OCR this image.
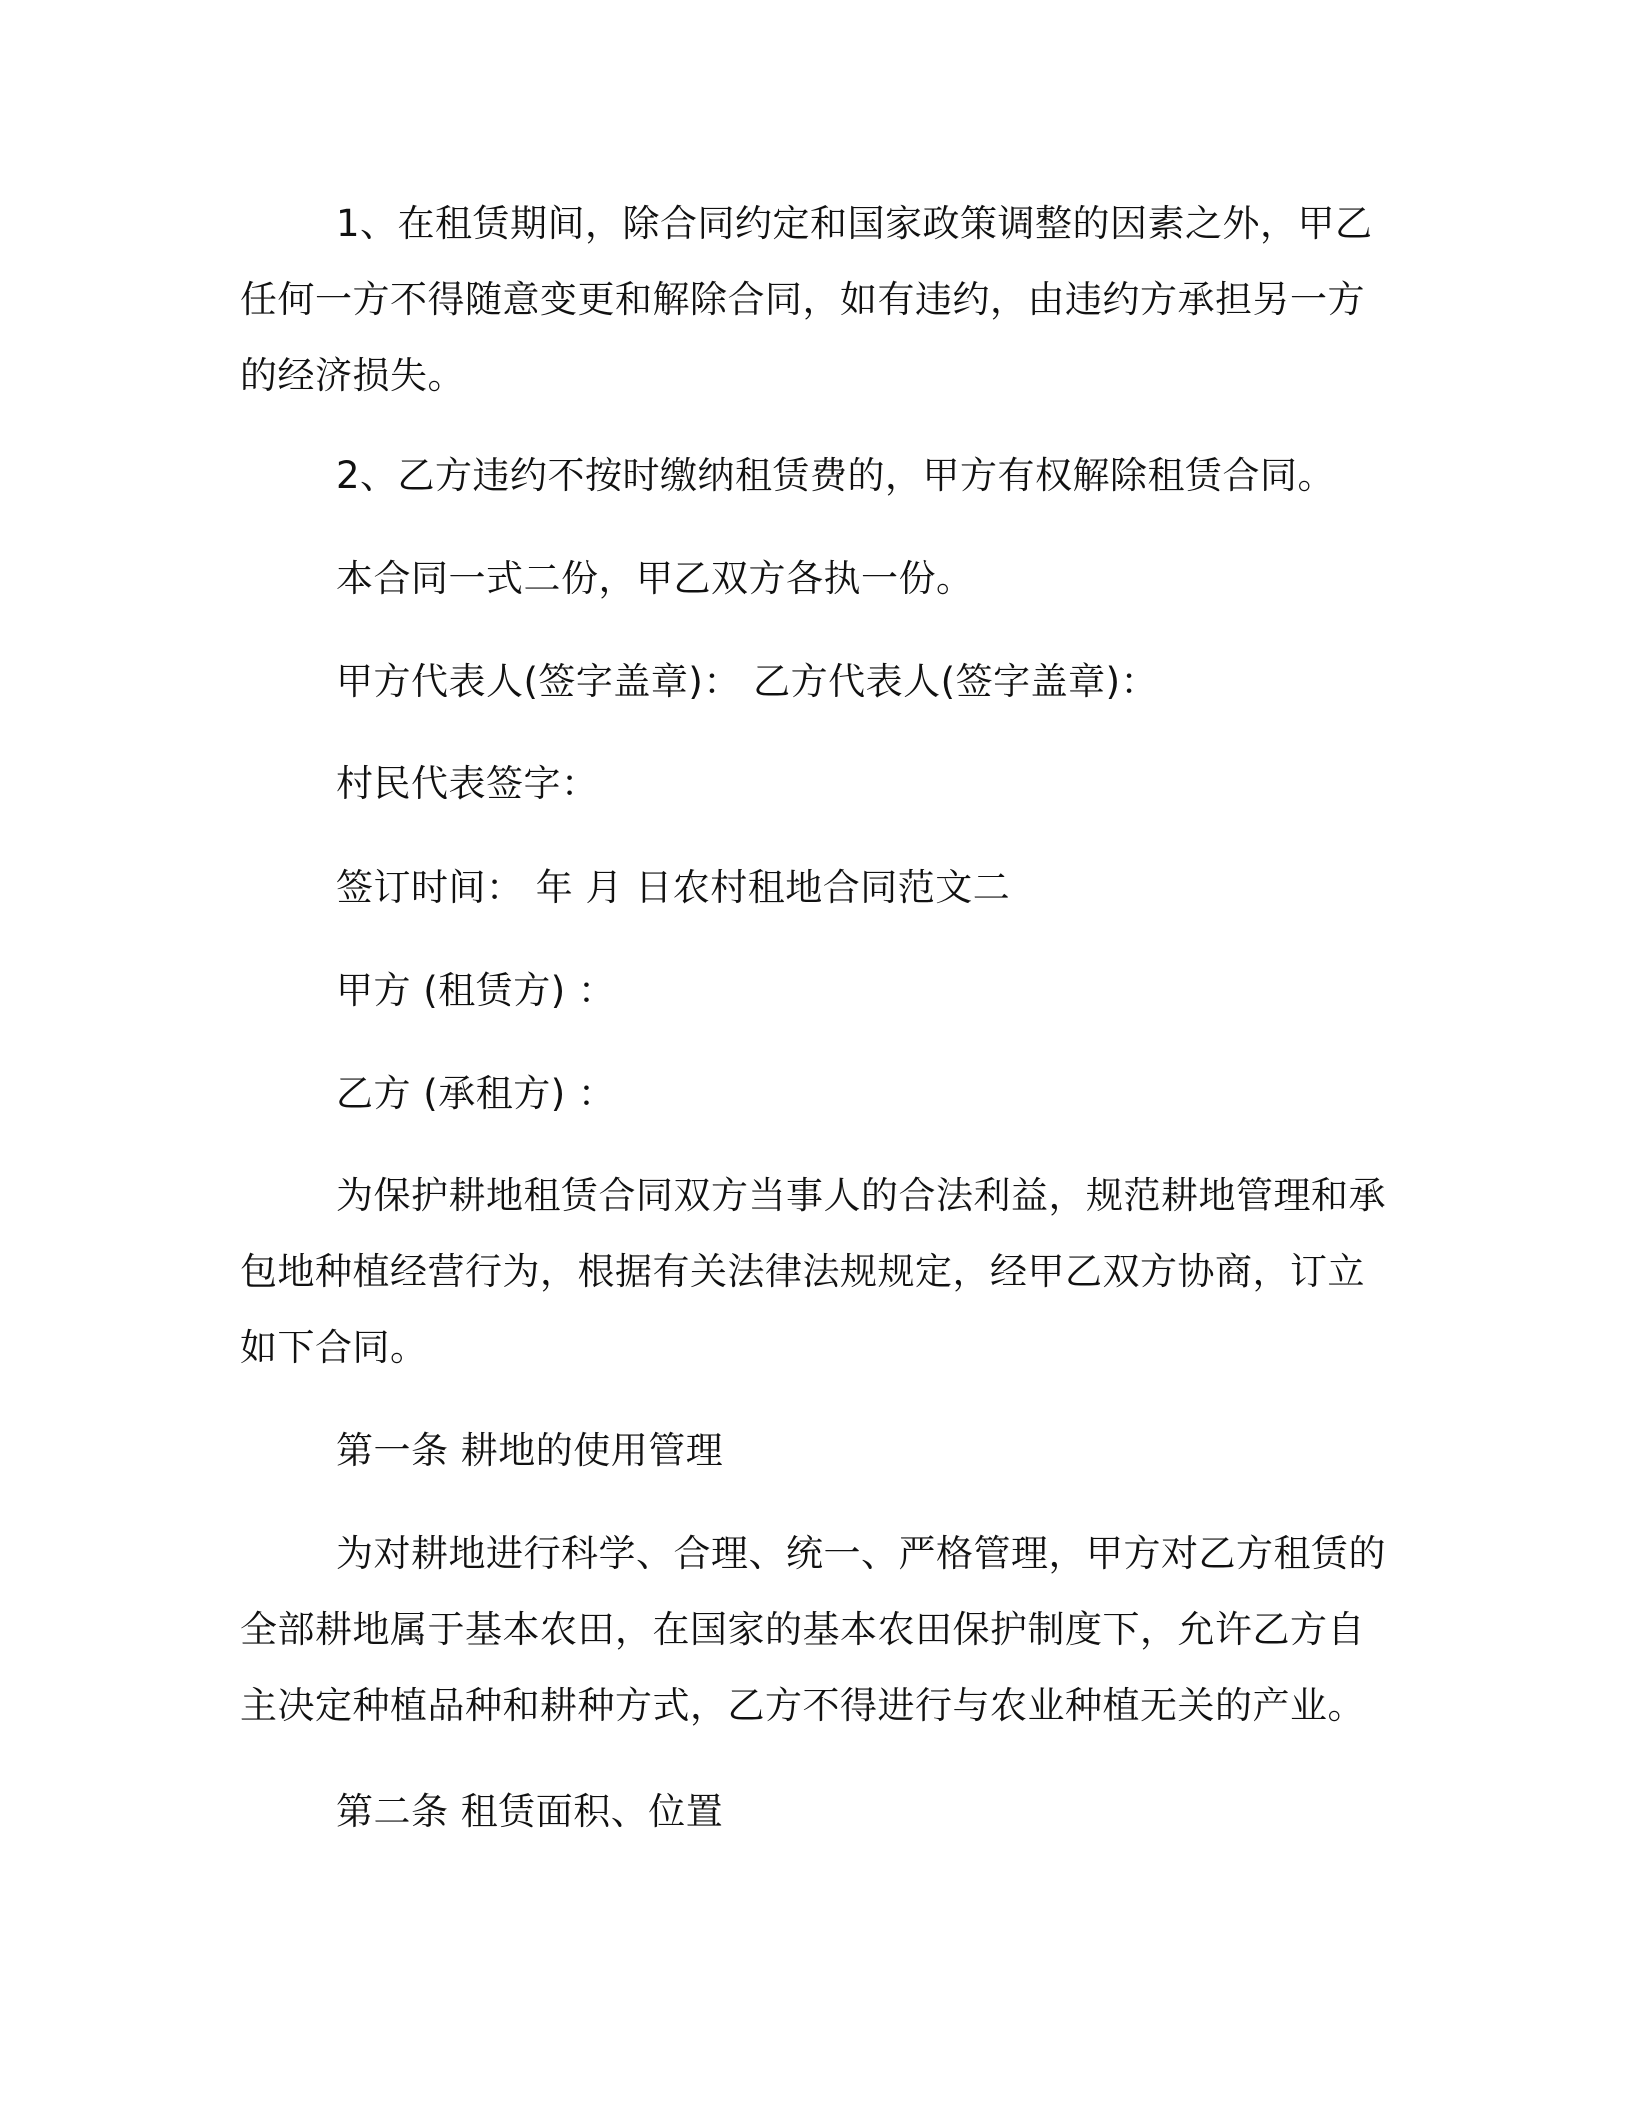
1、在租赁期间，除合同约定和国家政策调整的因素之外，甲乙任何一方不得随意变更和解除合同，如有违约，由违约方承担另一方的经济损失。

2、乙方违约不按时缴纳租赁费的，甲方有权解除租赁合同。

本合同一式二份，甲乙双方各执一份。

甲方代表人(签字盖章)： 乙方代表人(签字盖章)：

村民代表签字：

签订时间： 年 月 日农村租地合同范文二

甲方 (租赁方) ：

乙方 (承租方) ：

为保护耕地租赁合同双方当事人的合法利益，规范耕地管理和承包地种植经营行为，根据有关法律法规规定，经甲乙双方协商，订立如下合同。

第一条 耕地的使用管理

为对耕地进行科学、合理、统一、严格管理，甲方对乙方租赁的全部耕地属于基本农田，在国家的基本农田保护制度下，允许乙方自主决定种植品种和耕种方式，乙方不得进行与农业种植无关的产业。

第二条 租赁面积、位置
